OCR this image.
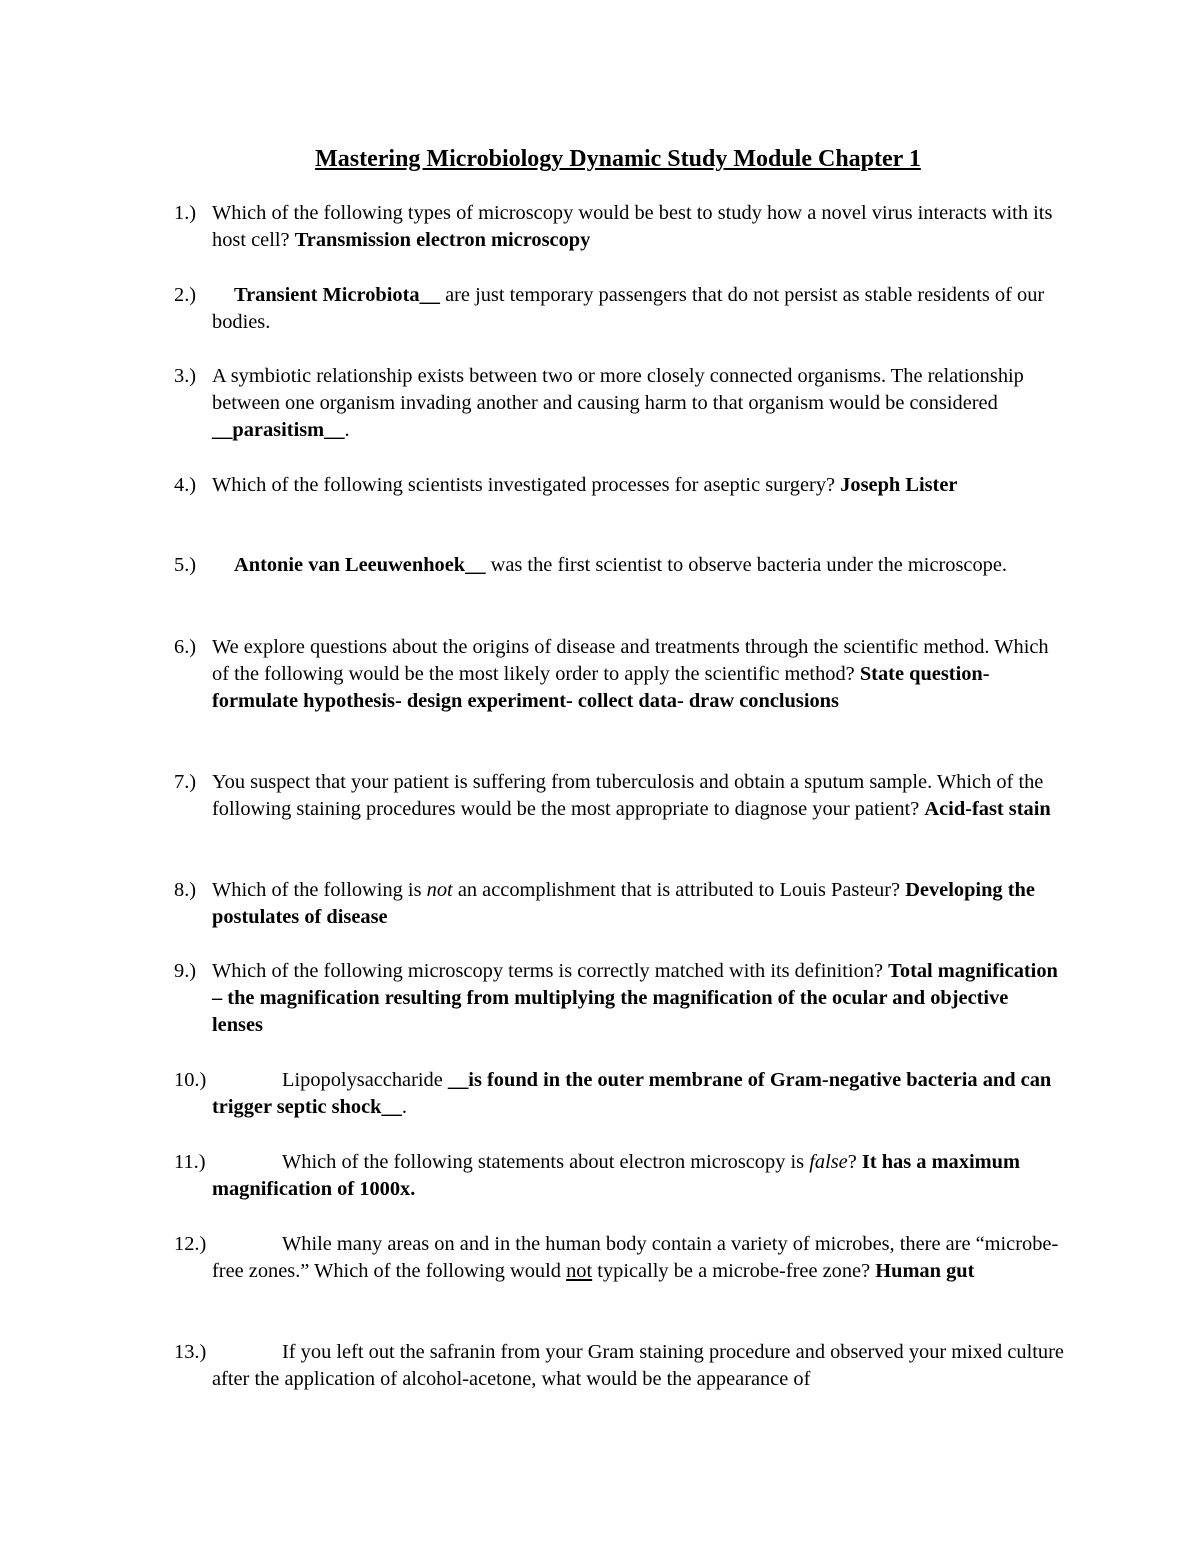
Mastering Microbiology Dynamic Study Module Chapter 1
1.) Which of the following types of microscopy would be best to study how a novel virus interacts with its host cell? Transmission electron microscopy
2.)	Transient Microbiota__ are just temporary passengers that do not persist as stable residents of our bodies.
3.) A symbiotic relationship exists between two or more closely connected organisms. The relationship between one organism invading another and causing harm to that organism would be considered __parasitism__.
4.) Which of the following scientists investigated processes for aseptic surgery? Joseph Lister
5.)	Antonie van Leeuwenhoek__ was the first scientist to observe bacteria under the microscope.
6.) We explore questions about the origins of disease and treatments through the scientific method. Which of the following would be the most likely order to apply the scientific method? State question- formulate hypothesis- design experiment- collect data- draw conclusions
7.) You suspect that your patient is suffering from tuberculosis and obtain a sputum sample. Which of the following staining procedures would be the most appropriate to diagnose your patient? Acid-fast stain
8.) Which of the following is not an accomplishment that is attributed to Louis Pasteur? Developing the postulates of disease
9.) Which of the following microscopy terms is correctly matched with its definition? Total magnification – the magnification resulting from multiplying the magnification of the ocular and objective lenses
10.)	Lipopolysaccharide __is found in the outer membrane of Gram-negative bacteria and can trigger septic shock__.
11.)	Which of the following statements about electron microscopy is false? It has a maximum magnification of 1000x.
12.)	While many areas on and in the human body contain a variety of microbes, there are “microbe-free zones.” Which of the following would not typically be a microbe-free zone? Human gut
13.)	If you left out the safranin from your Gram staining procedure and observed your mixed culture after the application of alcohol-acetone, what would be the appearance of
